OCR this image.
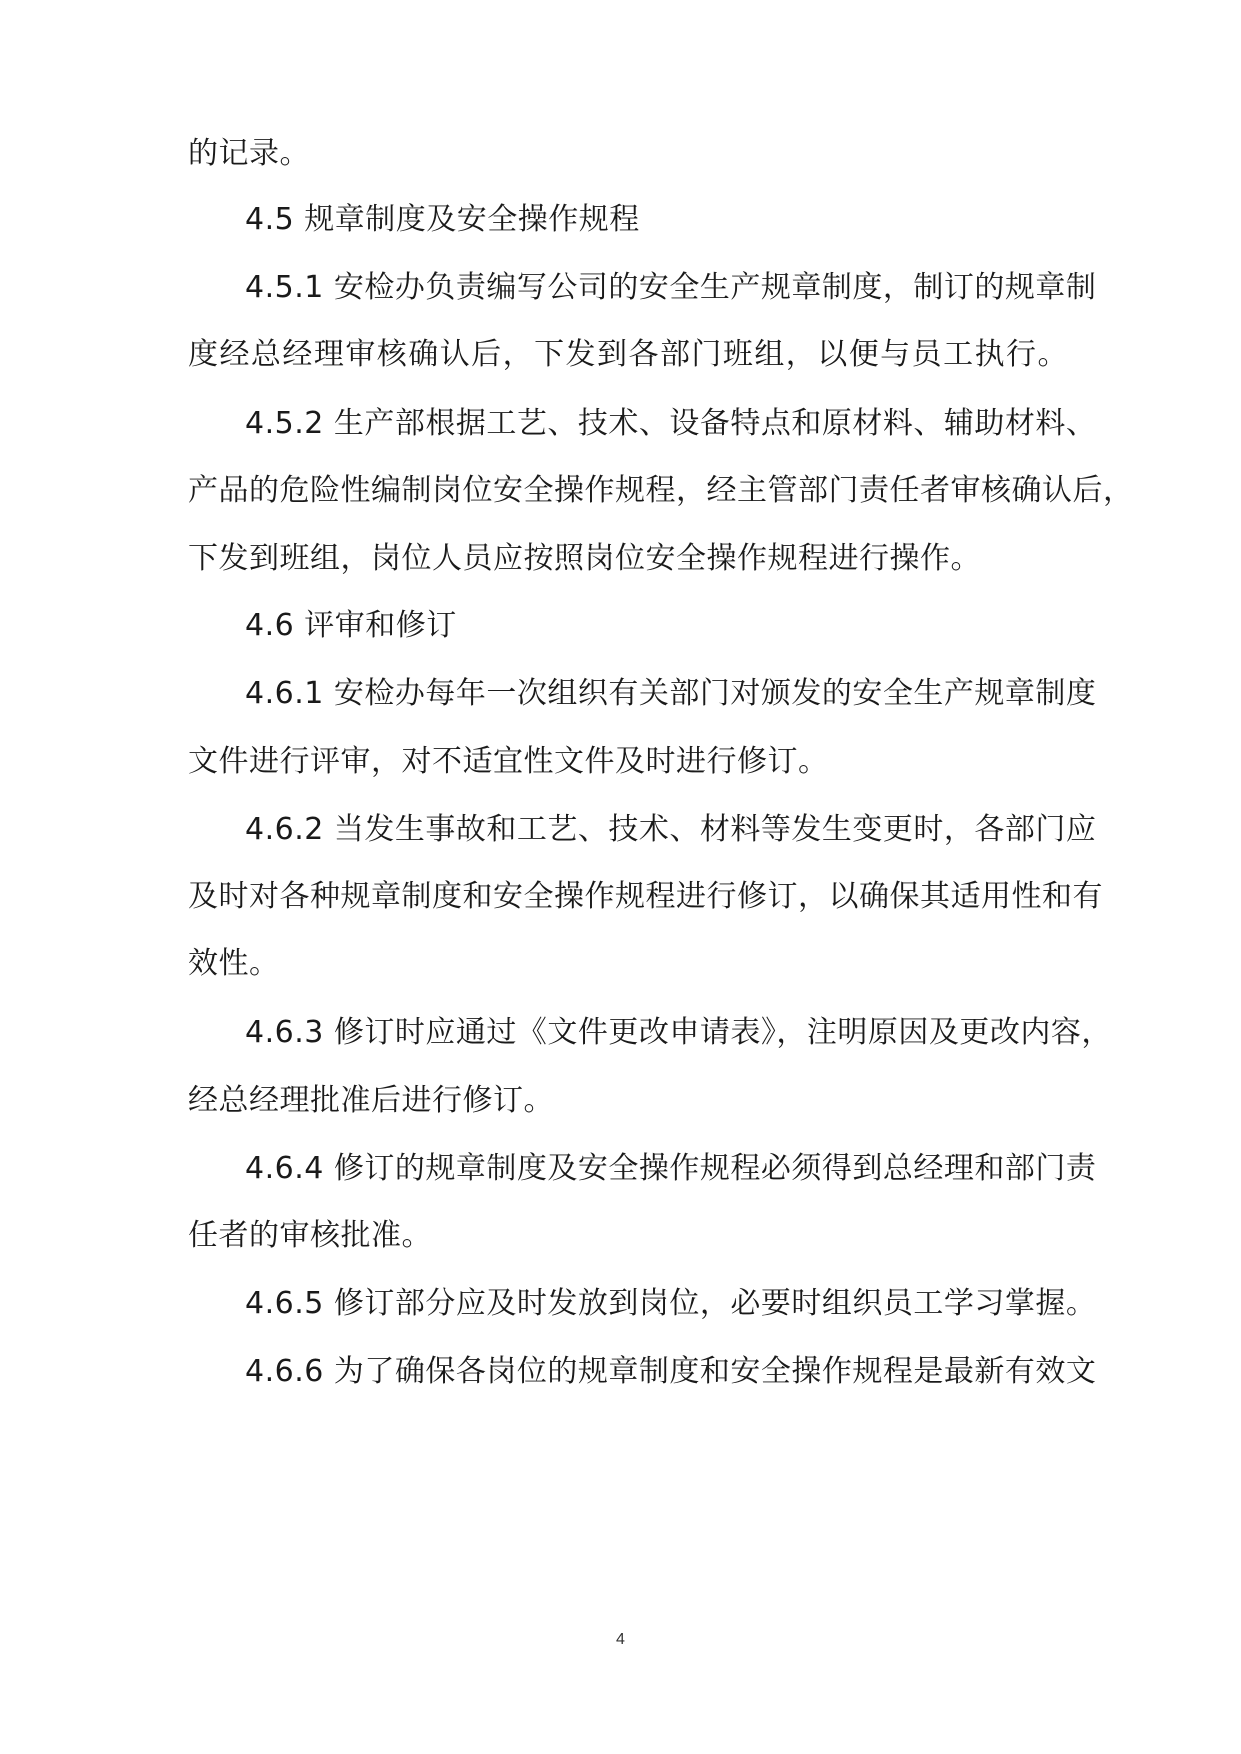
的记录。
4.5 规章制度及安全操作规程
4.5.1 安检办负责编写公司的安全生产规章制度，制订的规章制
度经总经理审核确认后，下发到各部门班组，以便与员工执行。
4.5.2 生产部根据工艺、技术、设备特点和原材料、辅助材料、
产品的危险性编制岗位安全操作规程，经主管部门责任者审核确认后，
下发到班组，岗位人员应按照岗位安全操作规程进行操作。
4.6 评审和修订
4.6.1 安检办每年一次组织有关部门对颁发的安全生产规章制度
文件进行评审，对不适宜性文件及时进行修订。
4.6.2 当发生事故和工艺、技术、材料等发生变更时，各部门应
及时对各种规章制度和安全操作规程进行修订，以确保其适用性和有
效性。
4.6.3 修订时应通过《文件更改申请表》，注明原因及更改内容，
经总经理批准后进行修订。
4.6.4 修订的规章制度及安全操作规程必须得到总经理和部门责
任者的审核批准。
4.6.5 修订部分应及时发放到岗位，必要时组织员工学习掌握。
4.6.6 为了确保各岗位的规章制度和安全操作规程是最新有效文
4
